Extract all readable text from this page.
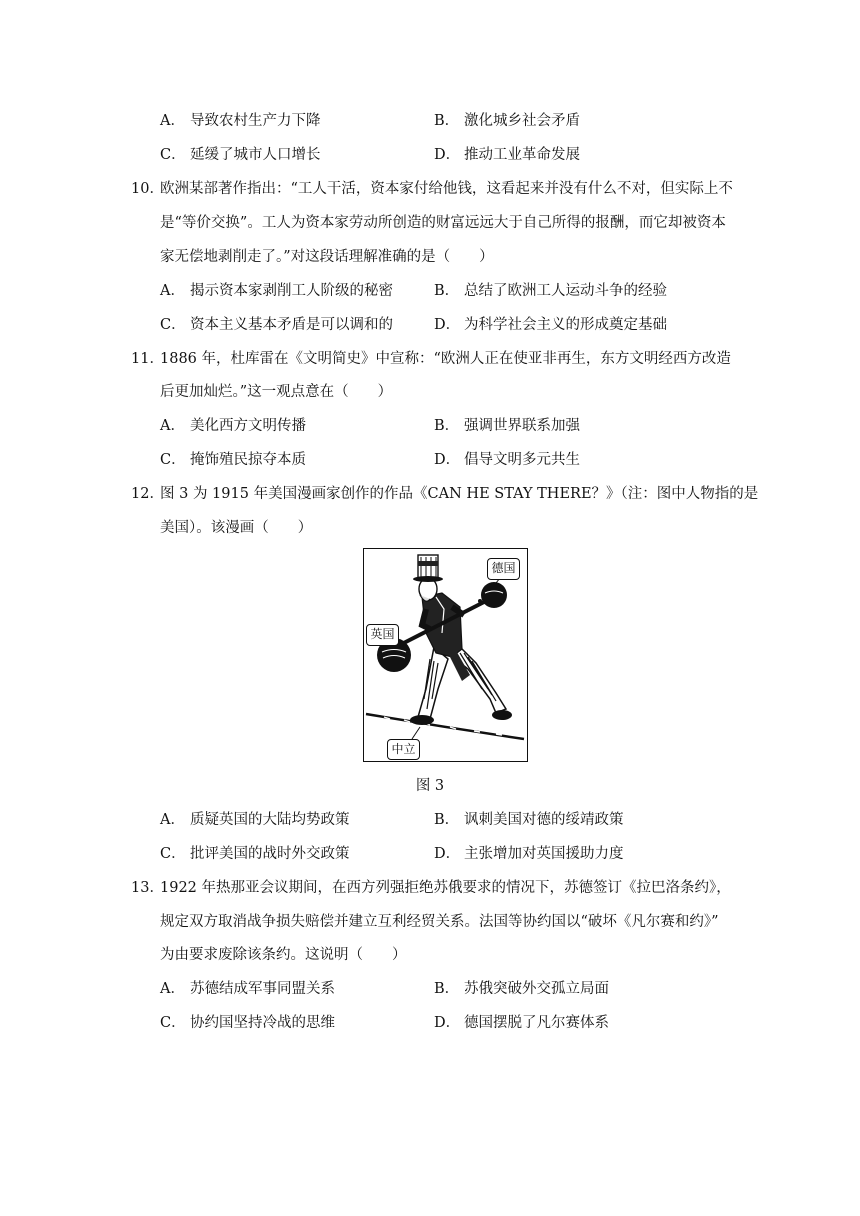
A． 导致农村生产力下降	B． 激化城乡社会矛盾
C． 延缓了城市人口增长	D． 推动工业革命发展
10．欧洲某部著作指出：“工人干活，资本家付给他钱，这看起来并没有什么不对，但实际上不
是“等价交换”。工人为资本家劳动所创造的财富远远大于自己所得的报酬，而它却被资本
家无偿地剥削走了。”对这段话理解准确的是（　　）
A． 揭示资本家剥削工人阶级的秘密	B． 总结了欧洲工人运动斗争的经验
C． 资本主义基本矛盾是可以调和的	D． 为科学社会主义的形成奠定基础
11．1886 年，杜库雷在《文明简史》中宣称：“欧洲人正在使亚非再生，东方文明经西方改造
后更加灿烂。”这一观点意在（　　）
A． 美化西方文明传播	B． 强调世界联系加强
C． 掩饰殖民掠夺本质	D． 倡导文明多元共生
12．图 3 为 1915 年美国漫画家创作的作品《CAN HE STAY THERE？》（注：图中人物指的是
美国）。该漫画（　　）
德国
英国
中立
图 3
A． 质疑英国的大陆均势政策	B． 讽刺美国对德的绥靖政策
C． 批评美国的战时外交政策	D． 主张增加对英国援助力度
13．1922 年热那亚会议期间，在西方列强拒绝苏俄要求的情况下，苏德签订《拉巴洛条约》，
规定双方取消战争损失赔偿并建立互利经贸关系。法国等协约国以“破坏《凡尔赛和约》”
为由要求废除该条约。这说明（　　）
A． 苏德结成军事同盟关系	B． 苏俄突破外交孤立局面
C． 协约国坚持冷战的思维	D． 德国摆脱了凡尔赛体系
